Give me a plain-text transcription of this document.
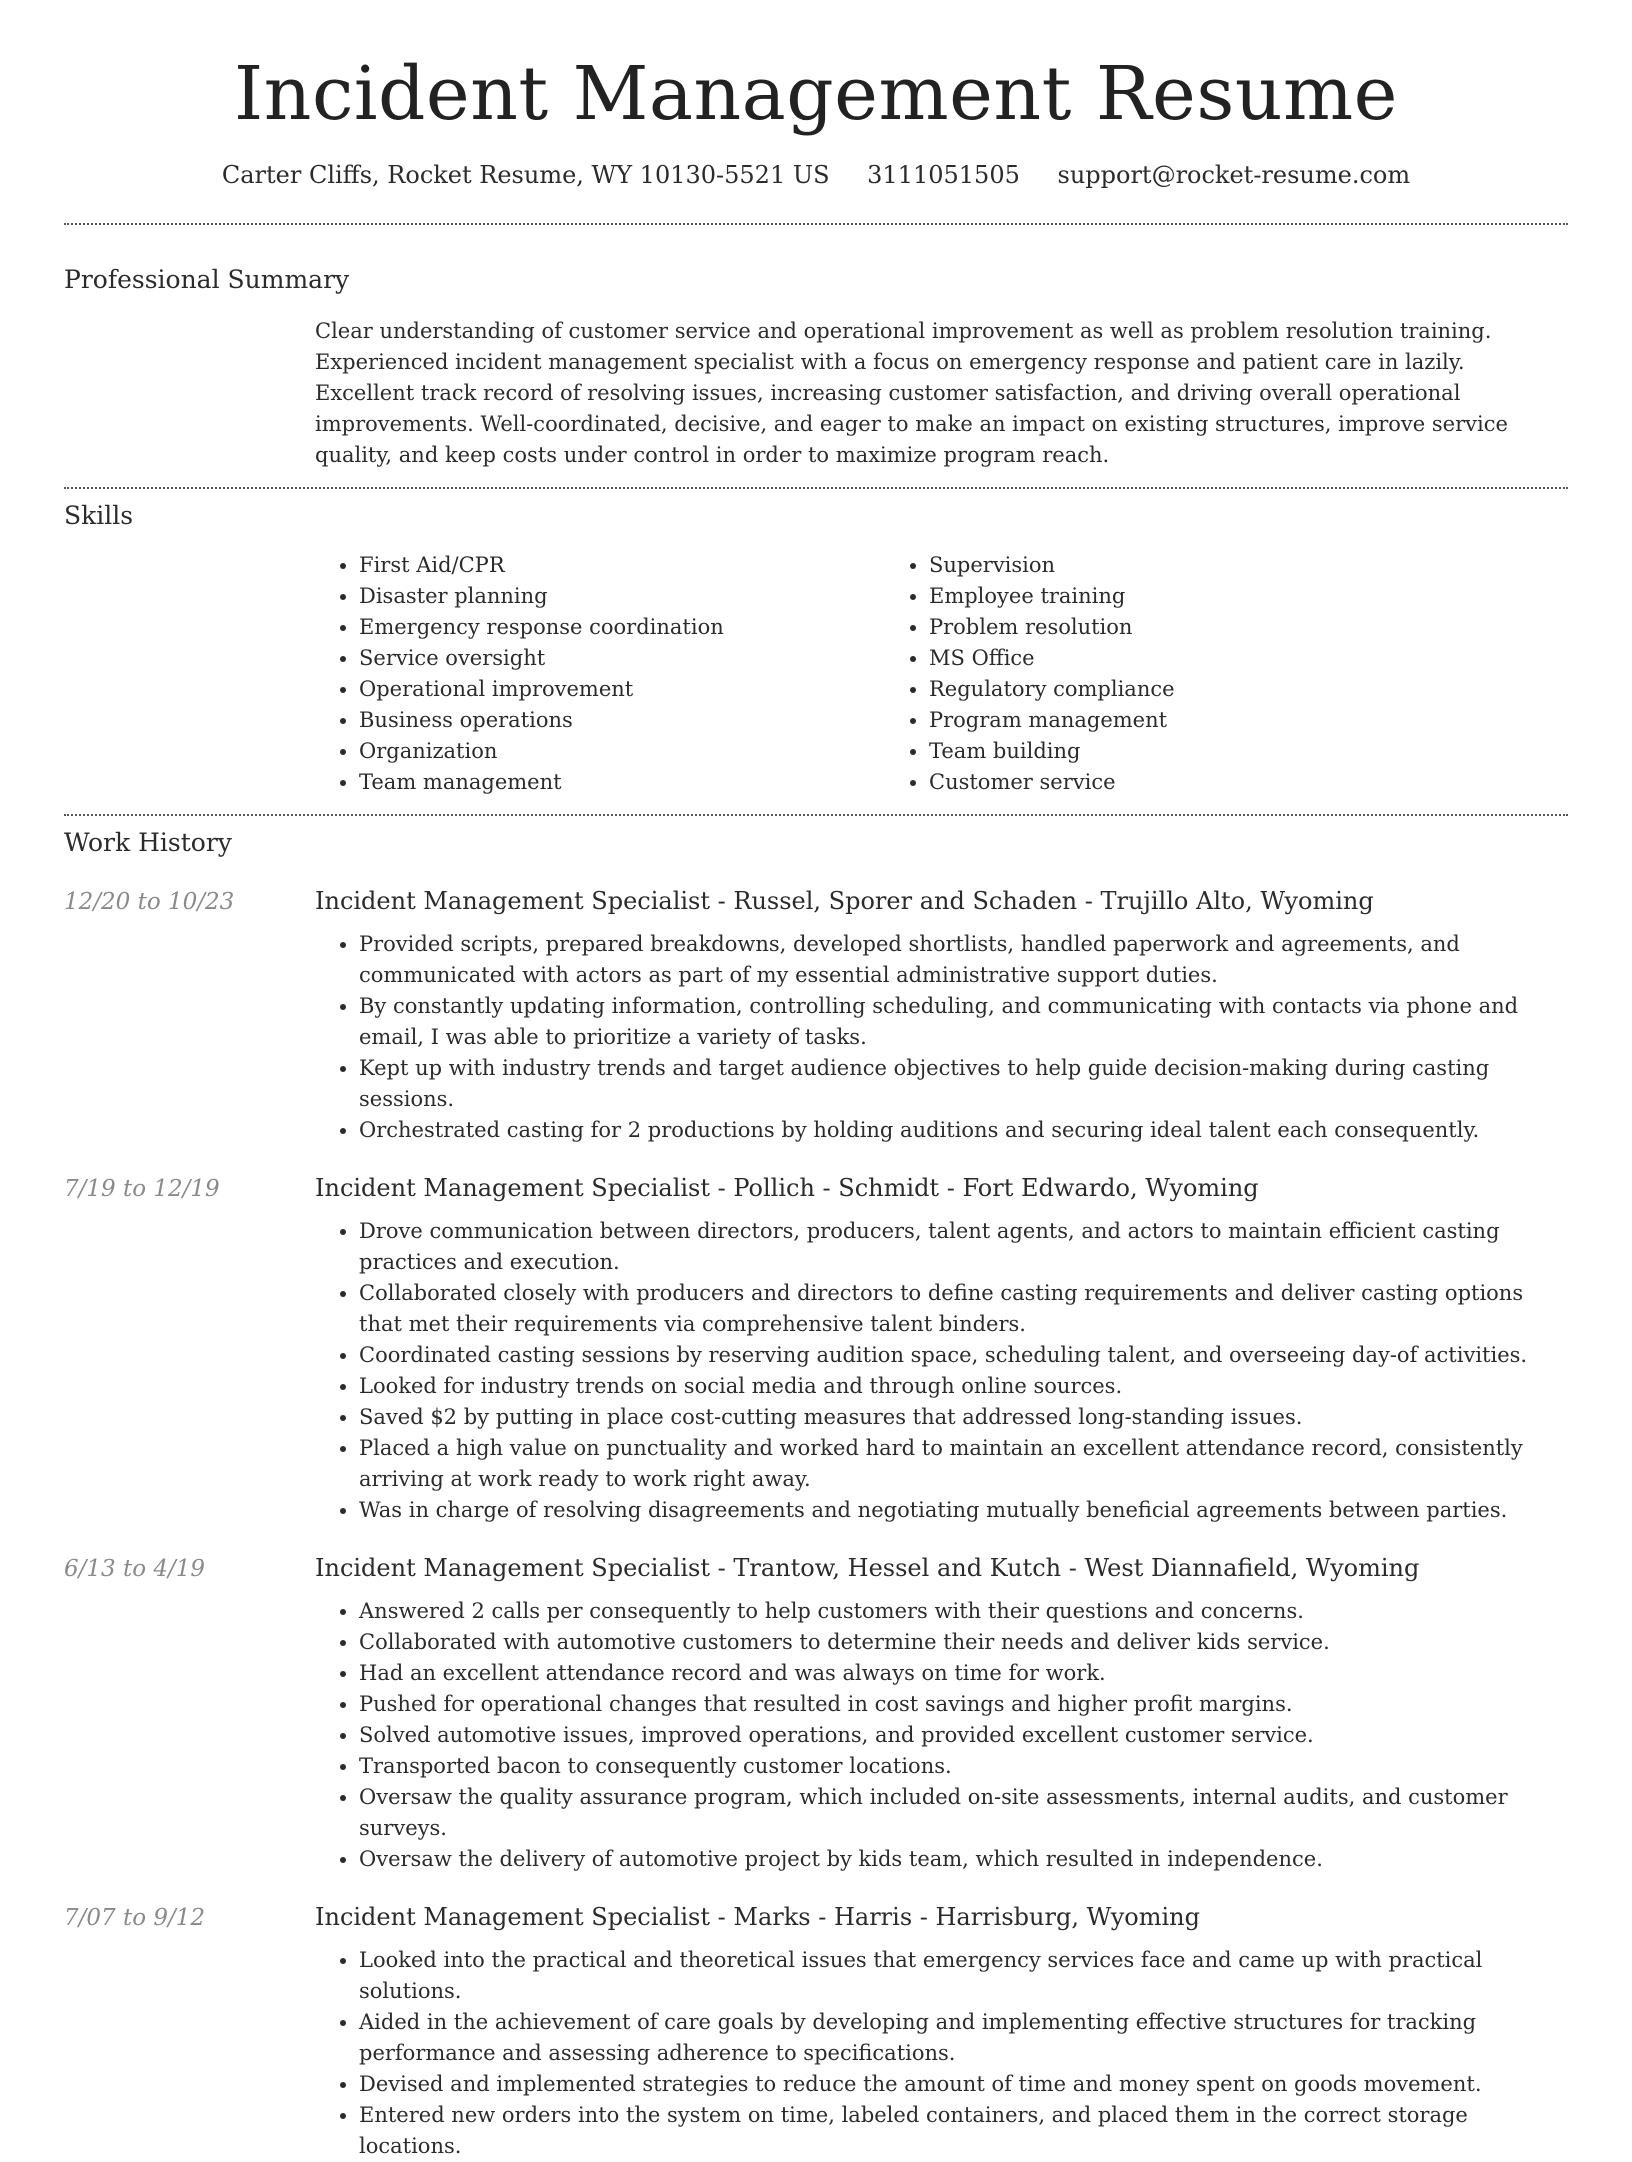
Incident Management Resume
Carter Cliffs, Rocket Resume, WY 10130-5521 US 3111051505 support@rocket-resume.com
Professional Summary

Clear understanding of customer service and operational improvement as well as problem resolution training. Experienced incident management specialist with a focus on emergency response and patient care in lazily. Excellent track record of resolving issues, increasing customer satisfaction, and driving overall operational improvements. Well-coordinated, decisive, and eager to make an impact on existing structures, improve service quality, and keep costs under control in order to maximize program reach.

Skills
• First Aid/CPR
• Disaster planning
• Emergency response coordination
• Service oversight
• Operational improvement
• Business operations
• Organization
• Team management
• Supervision
• Employee training
• Problem resolution
• MS Office
• Regulatory compliance
• Program management
• Team building
• Customer service
Work History
12/20 to 10/23	Incident Management Specialist - Russel, Sporer and Schaden - Trujillo Alto, Wyoming
• Provided scripts, prepared breakdowns, developed shortlists, handled paperwork and agreements, and communicated with actors as part of my essential administrative support duties.
• By constantly updating information, controlling scheduling, and communicating with contacts via phone and email, I was able to prioritize a variety of tasks.
• Kept up with industry trends and target audience objectives to help guide decision-making during casting sessions.
• Orchestrated casting for 2 productions by holding auditions and securing ideal talent each consequently.
7/19 to 12/19	Incident Management Specialist - Pollich - Schmidt - Fort Edwardo, Wyoming
• Drove communication between directors, producers, talent agents, and actors to maintain efficient casting practices and execution.
• Collaborated closely with producers and directors to define casting requirements and deliver casting options that met their requirements via comprehensive talent binders.
• Coordinated casting sessions by reserving audition space, scheduling talent, and overseeing day-of activities.
• Looked for industry trends on social media and through online sources.
• Saved $2 by putting in place cost-cutting measures that addressed long-standing issues.
• Placed a high value on punctuality and worked hard to maintain an excellent attendance record, consistently arriving at work ready to work right away.
• Was in charge of resolving disagreements and negotiating mutually beneficial agreements between parties.
6/13 to 4/19	Incident Management Specialist - Trantow, Hessel and Kutch - West Diannafield, Wyoming
• Answered 2 calls per consequently to help customers with their questions and concerns.
• Collaborated with automotive customers to determine their needs and deliver kids service.
• Had an excellent attendance record and was always on time for work.
• Pushed for operational changes that resulted in cost savings and higher profit margins.
• Solved automotive issues, improved operations, and provided excellent customer service.
• Transported bacon to consequently customer locations.
• Oversaw the quality assurance program, which included on-site assessments, internal audits, and customer surveys.
• Oversaw the delivery of automotive project by kids team, which resulted in independence.
7/07 to 9/12	Incident Management Specialist - Marks - Harris - Harrisburg, Wyoming
• Looked into the practical and theoretical issues that emergency services face and came up with practical solutions.
• Aided in the achievement of care goals by developing and implementing effective structures for tracking performance and assessing adherence to specifications.
• Devised and implemented strategies to reduce the amount of time and money spent on goods movement.
• Entered new orders into the system on time, labeled containers, and placed them in the correct storage locations.
